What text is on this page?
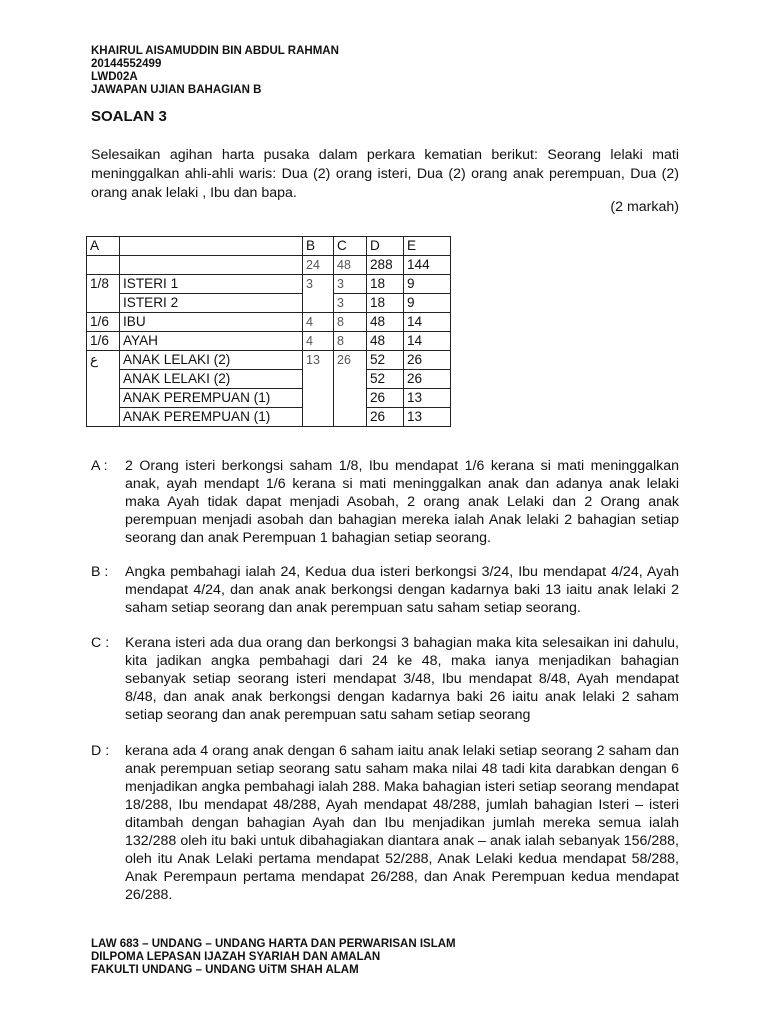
KHAIRUL AISAMUDDIN BIN ABDUL RAHMAN
20144552499
LWD02A
JAWAPAN UJIAN BAHAGIAN B
SOALAN 3
Selesaikan agihan harta pusaka dalam perkara kematian berikut: Seorang lelaki mati meninggalkan ahli-ahli waris: Dua (2) orang isteri, Dua (2) orang anak perempuan, Dua (2) orang anak lelaki , Ibu dan bapa.
(2 markah)
A		B	C	D	E
		24	48	288	144
1/8	ISTERI 1	3	3	18	9
	ISTERI 2		3	18	9
1/6	IBU	4	8	48	14
1/6	AYAH	4	8	48	14
ع	ANAK LELAKI (2)	13	26	52	26
	ANAK LELAKI (2)			52	26
	ANAK PEREMPUAN (1)			26	13
	ANAK PEREMPUAN (1)			26	13
A :	2 Orang isteri berkongsi saham 1/8, Ibu mendapat 1/6 kerana si mati meninggalkan anak, ayah mendapt 1/6 kerana si mati meninggalkan anak dan adanya anak lelaki maka Ayah tidak dapat menjadi Asobah, 2 orang anak Lelaki dan 2 Orang anak perempuan menjadi asobah dan bahagian mereka ialah Anak lelaki 2 bahagian setiap seorang dan anak Perempuan 1 bahagian setiap seorang.
B :	Angka pembahagi ialah 24, Kedua dua isteri berkongsi 3/24, Ibu mendapat 4/24, Ayah mendapat 4/24, dan anak anak berkongsi dengan kadarnya baki 13 iaitu anak lelaki 2 saham setiap seorang dan anak perempuan satu saham setiap seorang.
C :	Kerana isteri ada dua orang dan berkongsi 3 bahagian maka kita selesaikan ini dahulu, kita jadikan angka pembahagi dari 24 ke 48, maka ianya menjadikan bahagian sebanyak setiap seorang isteri mendapat 3/48, Ibu mendapat 8/48, Ayah mendapat 8/48, dan anak anak berkongsi dengan kadarnya baki 26 iaitu anak lelaki 2 saham setiap seorang dan anak perempuan satu saham setiap seorang
D :	kerana ada 4 orang anak dengan 6 saham iaitu anak lelaki setiap seorang 2 saham dan anak perempuan setiap seorang satu saham maka nilai 48 tadi kita darabkan dengan 6 menjadikan angka pembahagi ialah 288. Maka bahagian isteri setiap seorang mendapat 18/288, Ibu mendapat 48/288, Ayah mendapat 48/288, jumlah bahagian Isteri – isteri ditambah dengan bahagian Ayah dan Ibu menjadikan jumlah mereka semua ialah 132/288 oleh itu baki untuk dibahagiakan diantara anak – anak ialah sebanyak 156/288, oleh itu Anak Lelaki pertama mendapat 52/288, Anak Lelaki kedua mendapat 58/288, Anak Perempaun pertama mendapat 26/288, dan Anak Perempuan kedua mendapat 26/288.
LAW 683 – UNDANG – UNDANG HARTA DAN PERWARISAN ISLAM
DILPOMA LEPASAN IJAZAH SYARIAH DAN AMALAN
FAKULTI UNDANG – UNDANG UiTM SHAH ALAM
